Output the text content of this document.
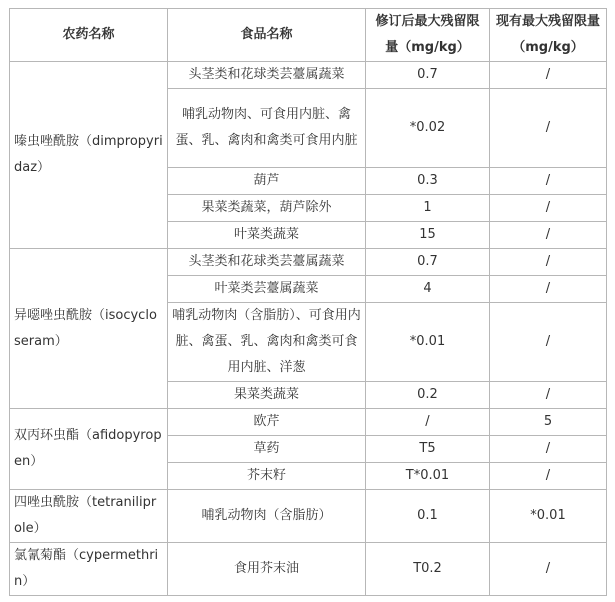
农药名称	食品名称	修订后最大残留限量（mg/kg）	现有最大残留限量（mg/kg）
嗪虫唑酰胺（dimpropyridaz）	头茎类和花球类芸薹属蔬菜	0.7	/
	哺乳动物肉、可食用内脏、禽蛋、乳、禽肉和禽类可食用内脏	*0.02	/
	葫芦	0.3	/
	果菜类蔬菜，葫芦除外	1	/
	叶菜类蔬菜	15	/
异噁唑虫酰胺（isocycloseram）	头茎类和花球类芸薹属蔬菜	0.7	/
	叶菜类芸薹属蔬菜	4	/
	哺乳动物肉（含脂肪）、可食用内脏、禽蛋、乳、禽肉和禽类可食用内脏、洋葱	*0.01	/
	果菜类蔬菜	0.2	/
双丙环虫酯（afidopyropen）	欧芹	/	5
	草药	T5	/
	芥末籽	T*0.01	/
四唑虫酰胺（tetraniliprole）	哺乳动物肉（含脂肪）	0.1	*0.01
氯氰菊酯（cypermethrin）	食用芥末油	T0.2	/
